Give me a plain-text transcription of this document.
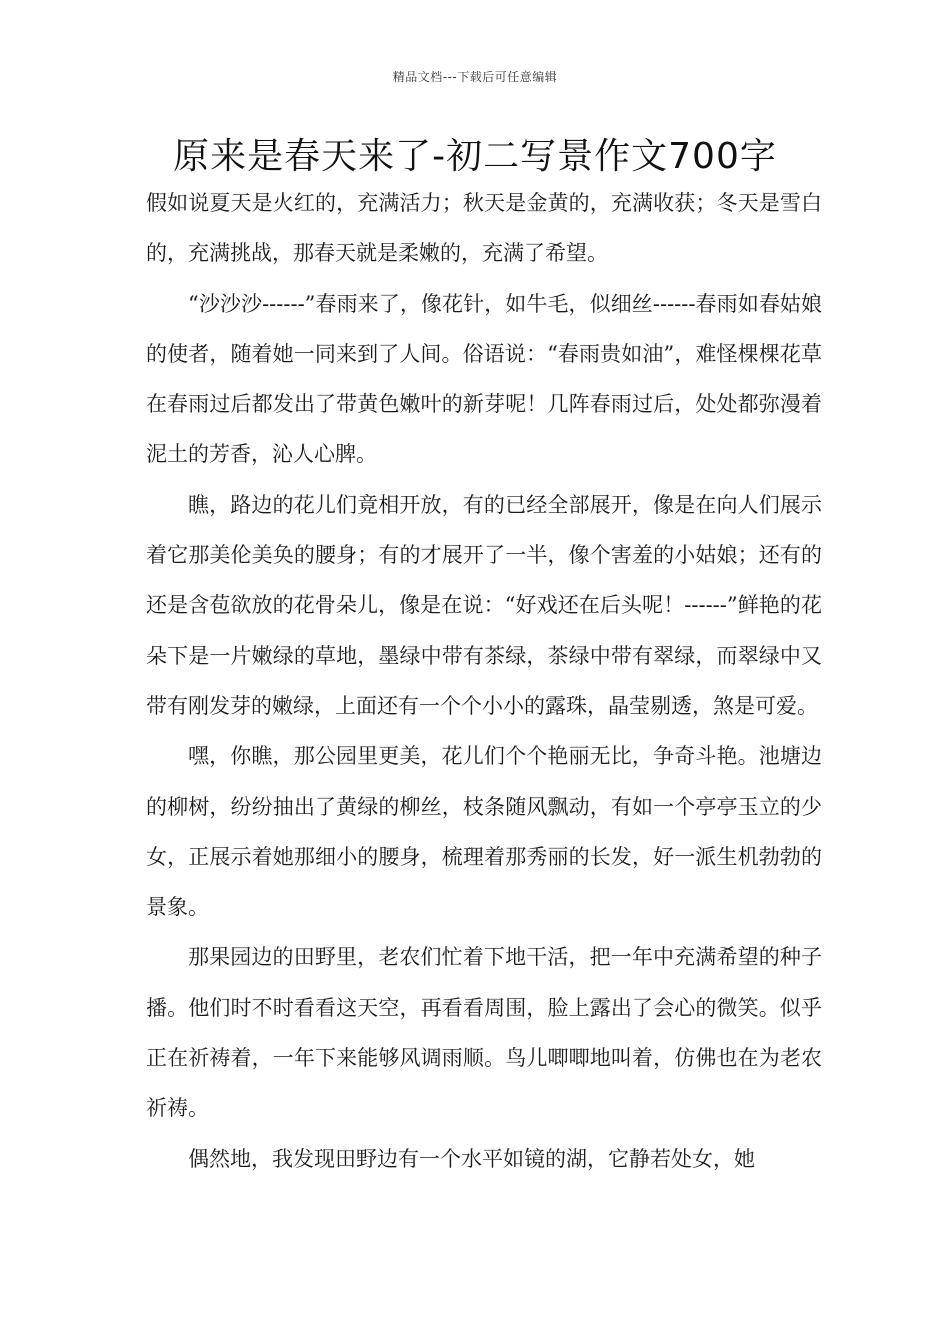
精品文档---下载后可任意编辑
原来是春天来了-初二写景作文700字

假如说夏天是火红的，充满活力；秋天是金黄的，充满收获；冬天是雪白的，充满挑战，那春天就是柔嫩的，充满了希望。

“沙沙沙------”春雨来了，像花针，如牛毛，似细丝------春雨如春姑娘的使者，随着她一同来到了人间。俗语说：“春雨贵如油”，难怪棵棵花草在春雨过后都发出了带黄色嫩叶的新芽呢！几阵春雨过后，处处都弥漫着泥土的芳香，沁人心脾。

瞧，路边的花儿们竟相开放，有的已经全部展开，像是在向人们展示着它那美伦美奂的腰身；有的才展开了一半，像个害羞的小姑娘；还有的还是含苞欲放的花骨朵儿，像是在说：“好戏还在后头呢！------”鲜艳的花朵下是一片嫩绿的草地，墨绿中带有茶绿，茶绿中带有翠绿，而翠绿中又带有刚发芽的嫩绿，上面还有一个个小小的露珠，晶莹剔透，煞是可爱。

嘿，你瞧，那公园里更美，花儿们个个艳丽无比，争奇斗艳。池塘边的柳树，纷纷抽出了黄绿的柳丝，枝条随风飘动，有如一个亭亭玉立的少女，正展示着她那细小的腰身，梳理着那秀丽的长发，好一派生机勃勃的景象。

那果园边的田野里，老农们忙着下地干活，把一年中充满希望的种子播。他们时不时看看这天空，再看看周围，脸上露出了会心的微笑。似乎正在祈祷着，一年下来能够风调雨顺。鸟儿唧唧地叫着，仿佛也在为老农祈祷。

偶然地，我发现田野边有一个水平如镜的湖，它静若处女，她
